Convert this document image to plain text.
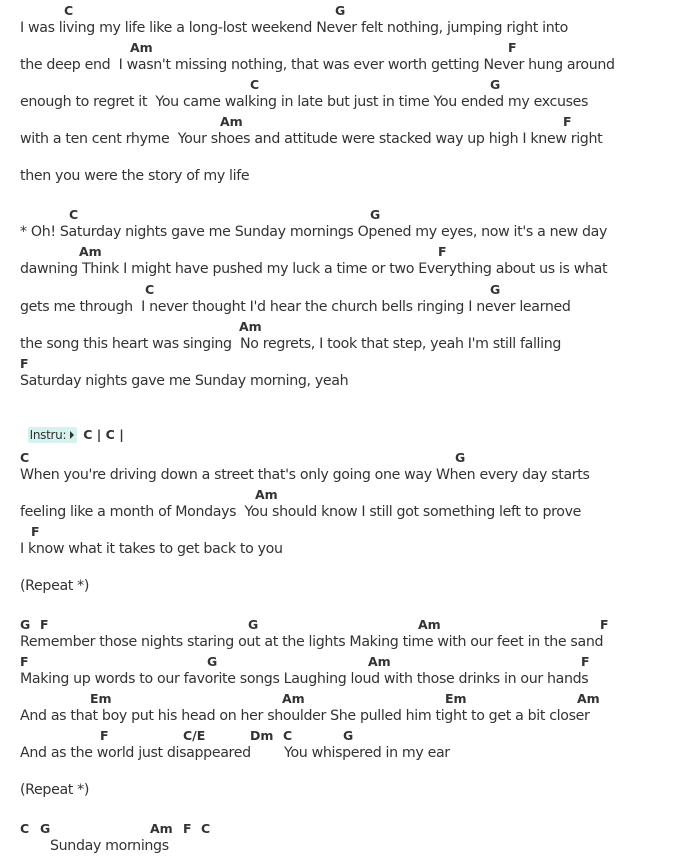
C	G
I was living my life like a long-lost weekend Never felt nothing, jumping right into
Am	F
the deep end  I wasn't missing nothing, that was ever worth getting Never hung around
C	G
enough to regret it  You came walking in late but just in time You ended my excuses
Am	F
with a ten cent rhyme  Your shoes and attitude were stacked way up high I knew right
then you were the story of my life
C	G
* Oh! Saturday nights gave me Sunday mornings Opened my eyes, now it's a new day
Am	F
dawning Think I might have pushed my luck a time or two Everything about us is what
C	G
gets me through  I never thought I'd hear the church bells ringing I never learned
Am
the song this heart was singing  No regrets, I took that step, yeah I'm still falling
F
Saturday nights gave me Sunday morning, yeah

Instru: C | C |

C	G
When you're driving down a street that's only going one way When every day starts
Am
feeling like a month of Mondays  You should know I still got something left to prove
F
I know what it takes to get back to you
(Repeat *)
G F	G	Am	F
Remember those nights staring out at the lights Making time with our feet in the sand
F	G	Am	F
Making up words to our favorite songs Laughing loud with those drinks in our hands
Em	Am	Em	Am
And as that boy put his head on her shoulder She pulled him tight to get a bit closer
F	C/E	Dm C	G
And as the world just disappeared        You whispered in my ear
(Repeat *)
C G	Am F C
Sunday mornings
